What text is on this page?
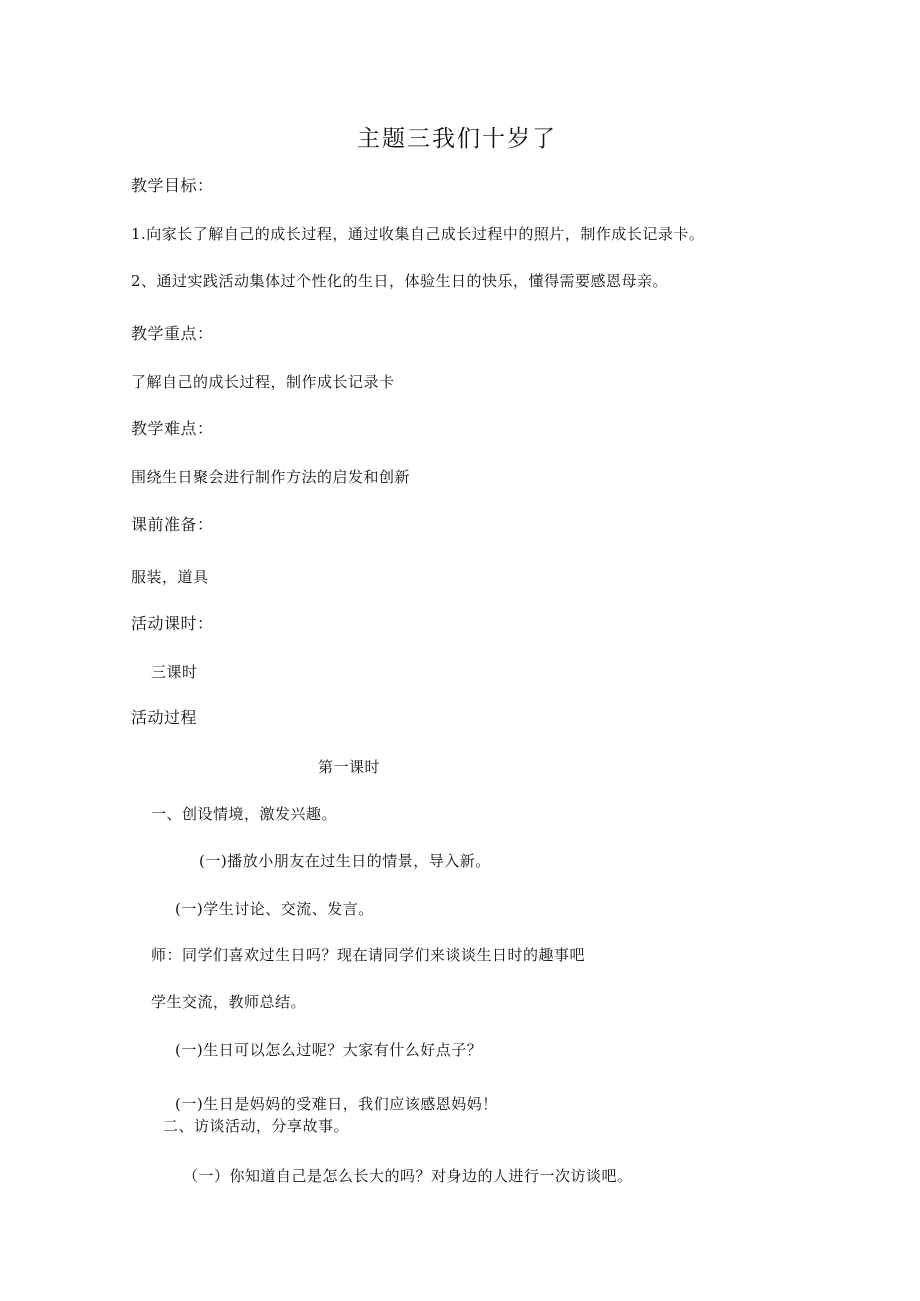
主题三我们十岁了
教学目标：
1.向家长了解自己的成长过程，通过收集自己成长过程中的照片，制作成长记录卡。
2、通过实践活动集体过个性化的生日，体验生日的快乐，懂得需要感恩母亲。
教学重点：
了解自己的成长过程，制作成长记录卡
教学难点：
围绕生日聚会进行制作方法的启发和创新
课前准备：
服装，道具
活动课时：
三课时
活动过程
第一课时
一、创设情境，激发兴趣。
(一)播放小朋友在过生日的情景，导入新。
(一)学生讨论、交流、发言。
师：同学们喜欢过生日吗？现在请同学们来谈谈生日时的趣事吧
学生交流，教师总结。
(一)生日可以怎么过呢？大家有什么好点子？
(一)生日是妈妈的受难日，我们应该感恩妈妈！
二、访谈活动，分享故事。
（一）你知道自己是怎么长大的吗？对身边的人进行一次访谈吧。
